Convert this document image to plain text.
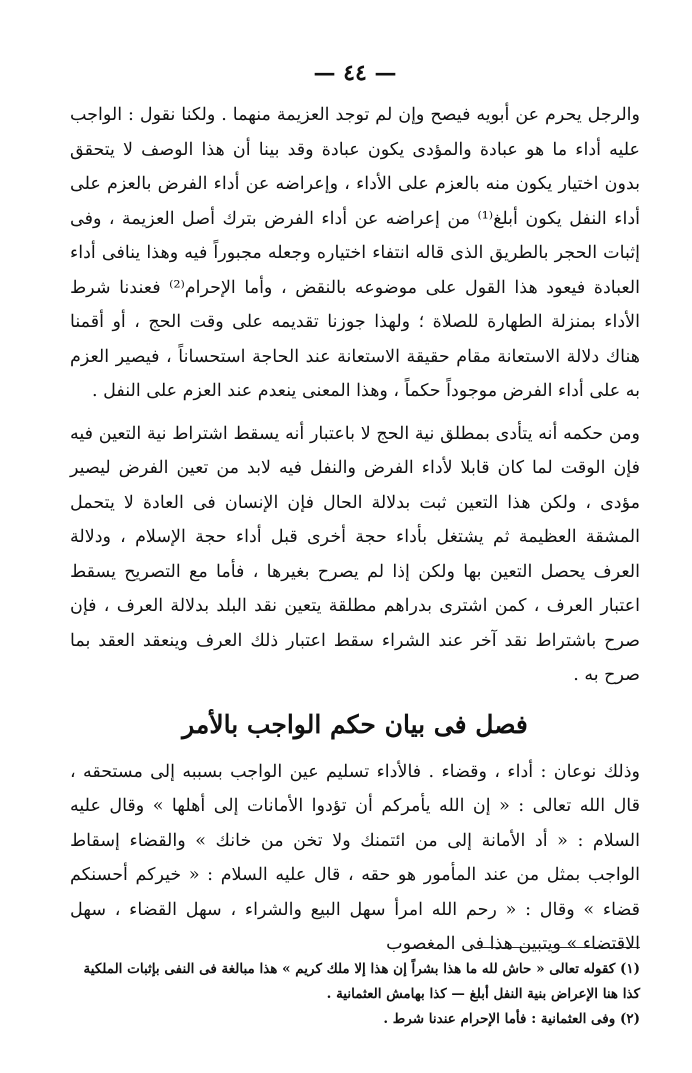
— ٤٤ —

والرجل يحرم عن أبويه فيصح وإن لم توجد العزيمة منهما . ولكنا نقول : الواجب عليه أداء ما هو عبادة والمؤدى يكون عبادة وقد بينا أن هذا الوصف لا يتحقق بدون اختيار يكون منه بالعزم على الأداء ، وإعراضه عن أداء الفرض بالعزم على أداء النفل يكون أبلغ⁽¹⁾ من إعراضه عن أداء الفرض بترك أصل العزيمة ، وفى إثبات الحجر بالطريق الذى قاله انتفاء اختياره وجعله مجبوراً فيه وهذا ينافى أداء العبادة فيعود هذا القول على موضوعه بالنقض ، وأما الإحرام⁽²⁾ فعندنا شرط الأداء بمنزلة الطهارة للصلاة ؛ ولهذا جوزنا تقديمه على وقت الحج ، أو أقمنا هناك دلالة الاستعانة مقام حقيقة الاستعانة عند الحاجة استحساناً ، فيصير العزم به على أداء الفرض موجوداً حكماً ، وهذا المعنى ينعدم عند العزم على النفل .

ومن حكمه أنه يتأدى بمطلق نية الحج لا باعتبار أنه يسقط اشتراط نية التعين فيه فإن الوقت لما كان قابلا لأداء الفرض والنفل فيه لابد من تعين الفرض ليصير مؤدى ، ولكن هذا التعين ثبت بدلالة الحال فإن الإنسان فى العادة لا يتحمل المشقة العظيمة ثم يشتغل بأداء حجة أخرى قبل أداء حجة الإسلام ، ودلالة العرف يحصل التعين بها ولكن إذا لم يصرح بغيرها ، فأما مع التصريح يسقط اعتبار العرف ، كمن اشترى بدراهم مطلقة يتعين نقد البلد بدلالة العرف ، فإن صرح باشتراط نقد آخر عند الشراء سقط اعتبار ذلك العرف وينعقد العقد بما صرح به .

فصل فى بيان حكم الواجب بالأمر

وذلك نوعان : أداء ، وقضاء . فالأداء تسليم عين الواجب بسببه إلى مستحقه ، قال الله تعالى : « إن الله يأمركم أن تؤدوا الأمانات إلى أهلها » وقال عليه السلام : « أد الأمانة إلى من ائتمنك ولا تخن من خانك » والقضاء إسقاط الواجب بمثل من عند المأمور هو حقه ، قال عليه السلام : « خيركم أحسنكم قضاء » وقال : « رحم الله امرأ سهل البيع والشراء ، سهل القضاء ، سهل الاقتضاء » ويتبين هذا فى المغصوب

(١) كقوله تعالى « حاش لله ما هذا بشراً إن هذا إلا ملك كريم » هذا مبالغة فى النفى بإثبات الملكية كذا هنا الإعراض بنية النفل أبلغ — كذا بهامش العثمانية .

(٢) وفى العثمانية : فأما الإحرام عندنا شرط .
